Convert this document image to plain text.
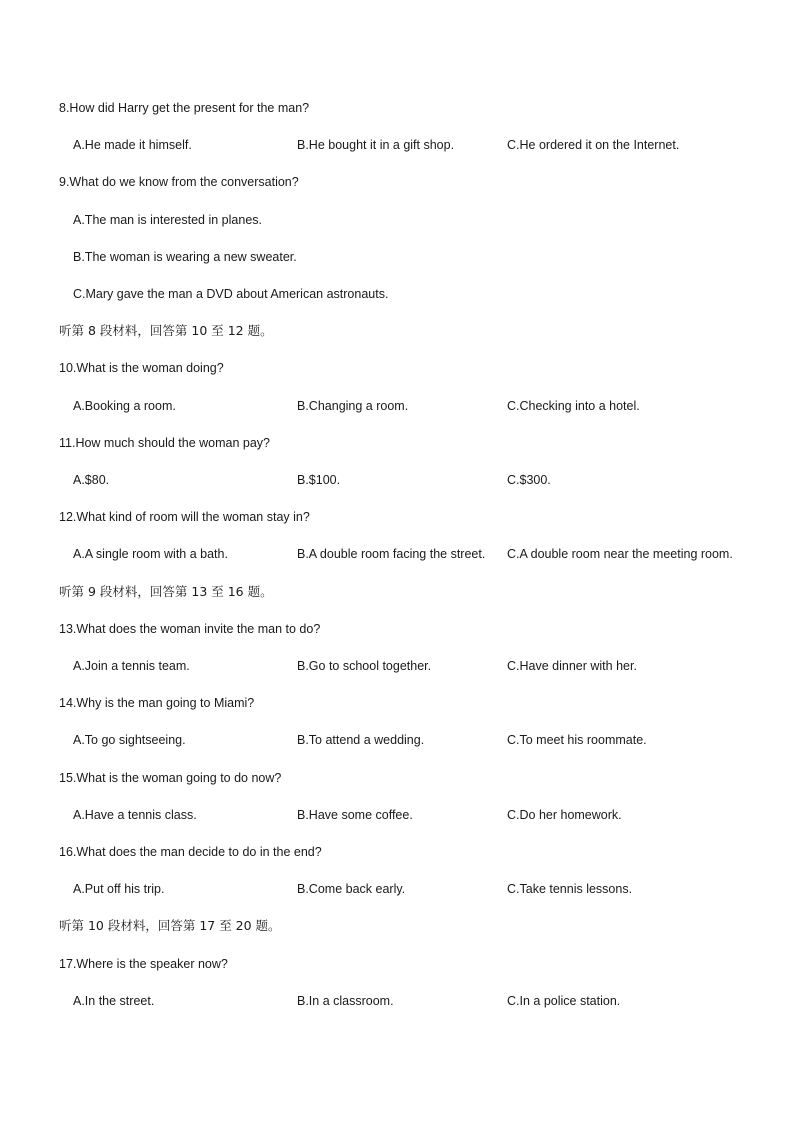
8.How did Harry get the present for the man?
A.He made it himself.	B.He bought it in a gift shop.	C.He ordered it on the Internet.
9.What do we know from the conversation?
A.The man is interested in planes.
B.The woman is wearing a new sweater.
C.Mary gave the man a DVD about American astronauts.
听第 8 段材料，回答第 10 至 12 题。
10.What is the woman doing?
A.Booking a room.	B.Changing a room.	C.Checking into a hotel.
11.How much should the woman pay?
A.$80.	B.$100.	C.$300.
12.What kind of room will the woman stay in?
A.A single room with a bath.	B.A double room facing the street. C.A double room near the meeting room.
听第 9 段材料，回答第 13 至 16 题。
13.What does the woman invite the man to do?
A.Join a tennis team.	B.Go to school together.	C.Have dinner with her.
14.Why is the man going to Miami?
A.To go sightseeing.	B.To attend a wedding.	C.To meet his roommate.
15.What is the woman going to do now?
A.Have a tennis class.	B.Have some coffee.	C.Do her homework.
16.What does the man decide to do in the end?
A.Put off his trip.	B.Come back early.	C.Take tennis lessons.
听第 10 段材料，回答第 17 至 20 题。
17.Where is the speaker now?
A.In the street.	B.In a classroom.	C.In a police station.
